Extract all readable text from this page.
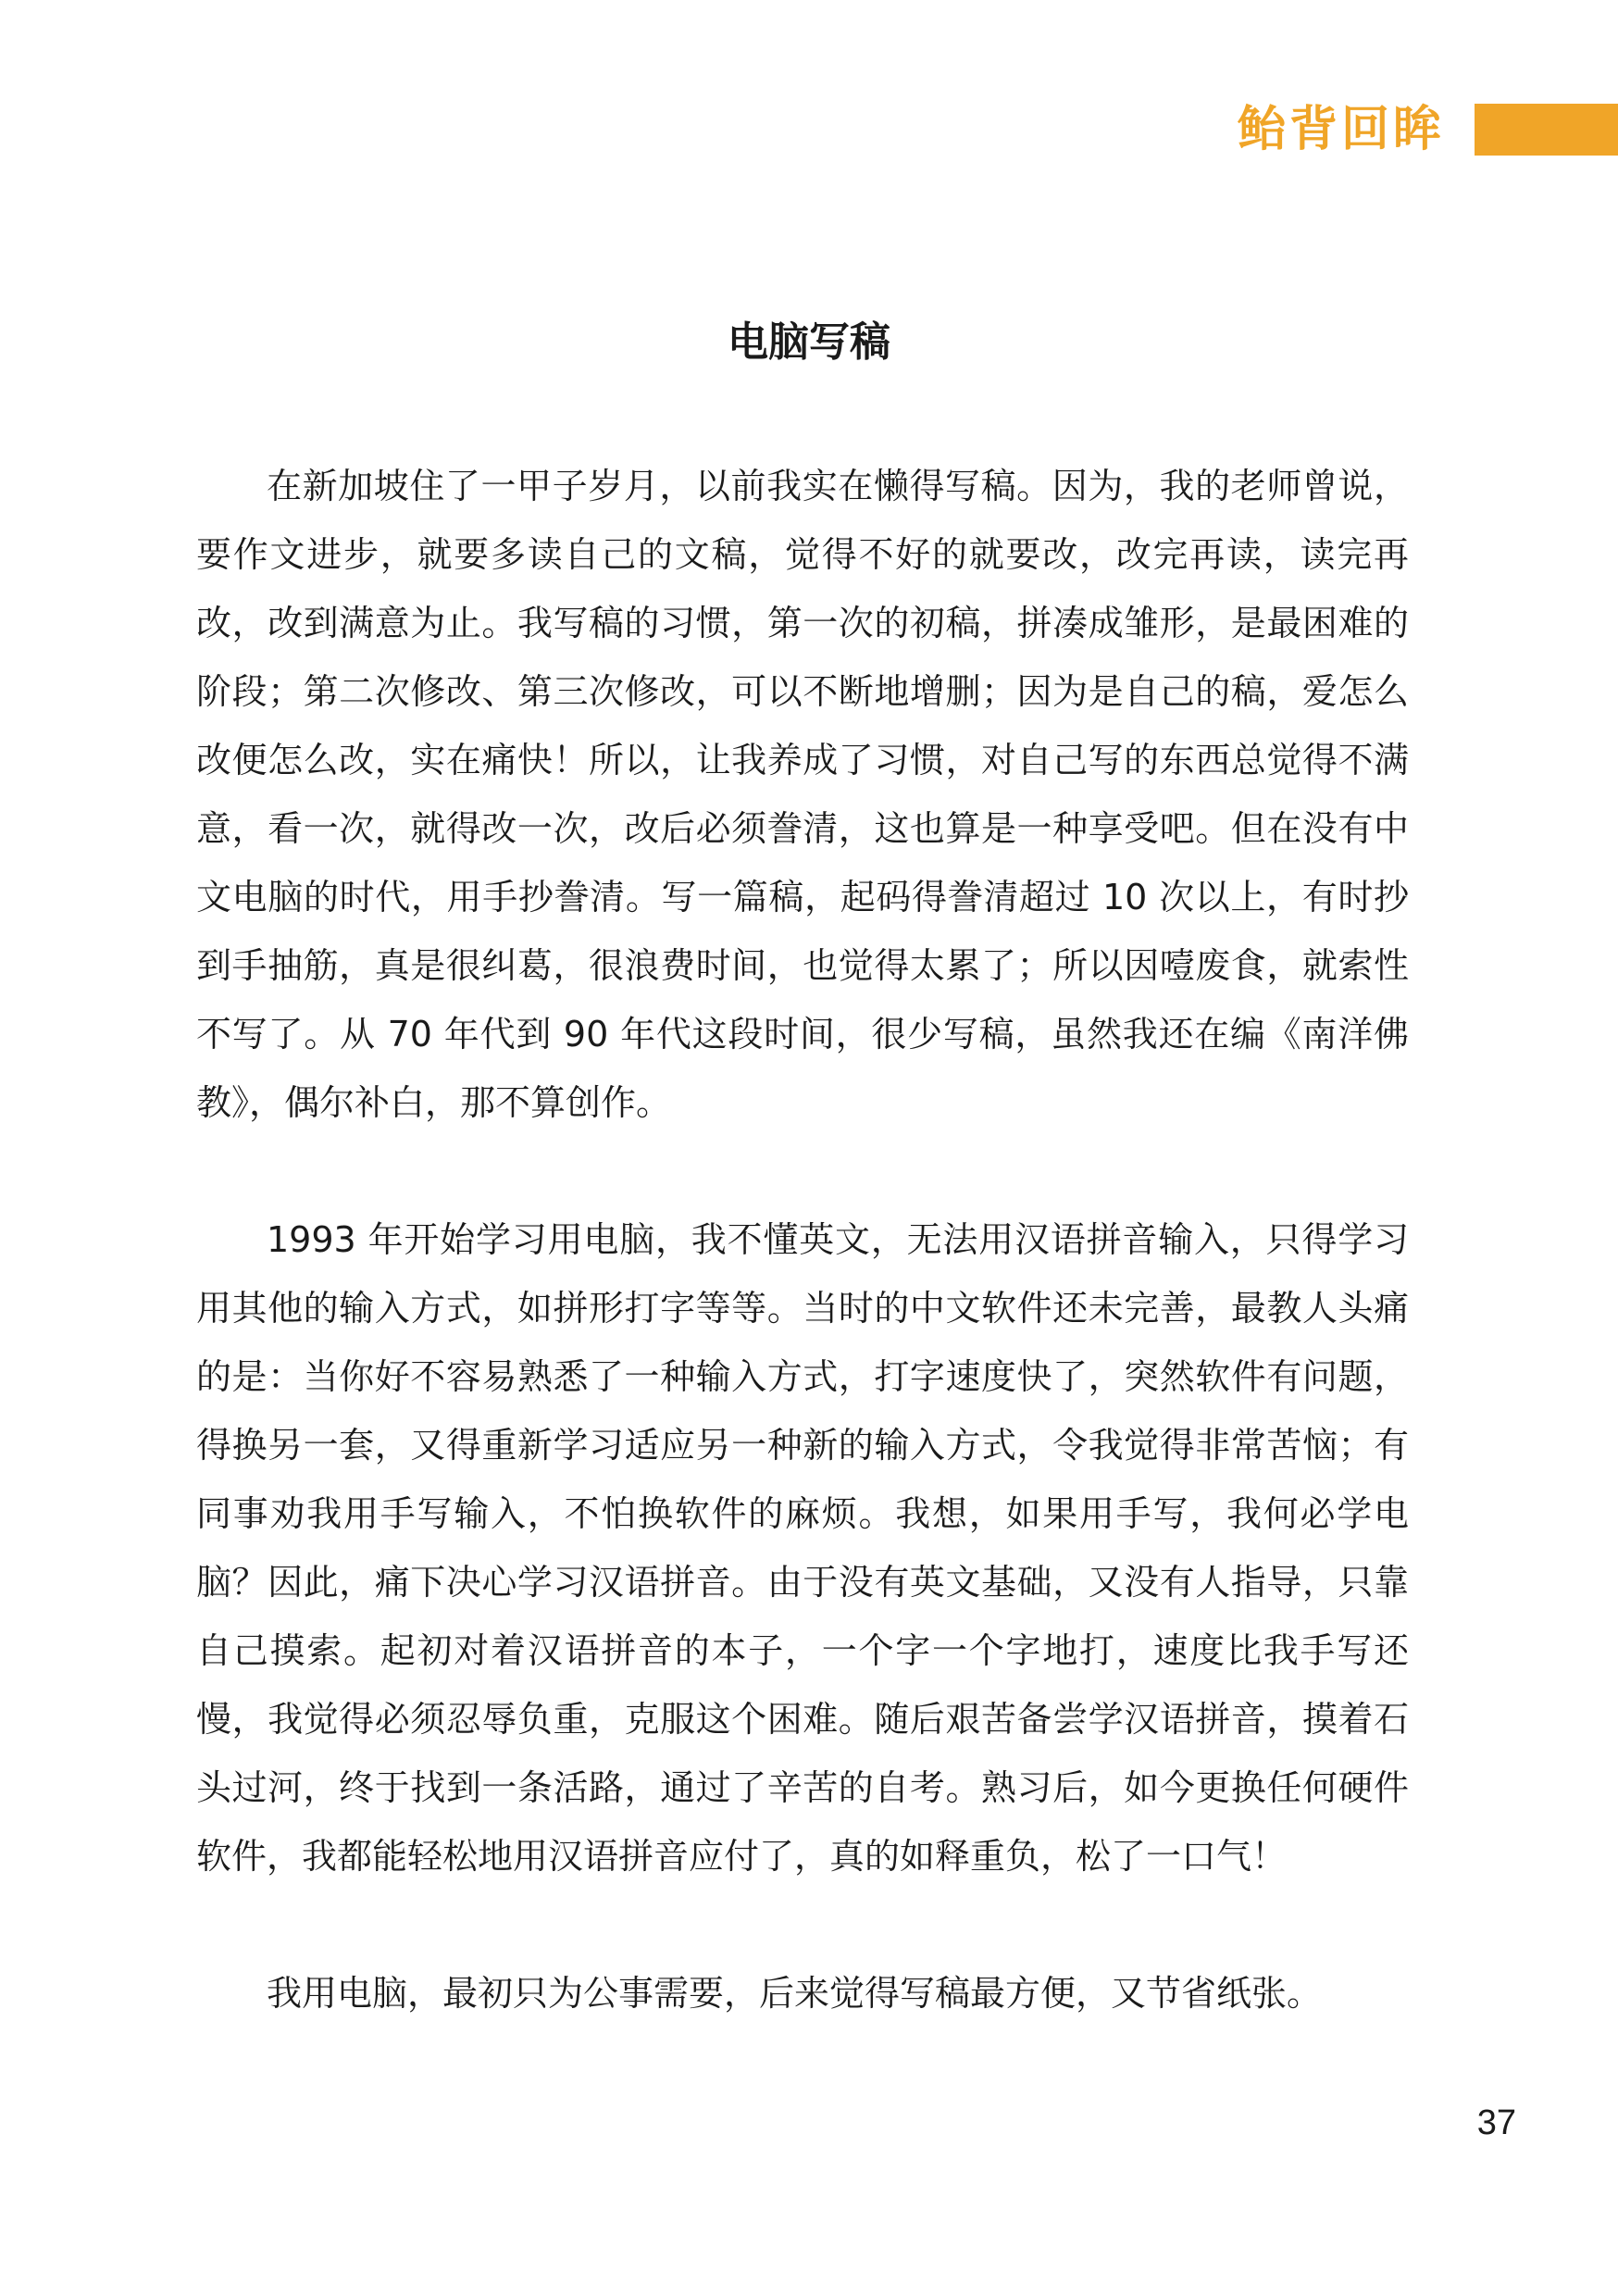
鲐背回眸
电脑写稿

在新加坡住了一甲子岁月，以前我实在懒得写稿。因为，我的老师曾说，要作文进步，就要多读自己的文稿，觉得不好的就要改，改完再读，读完再改，改到满意为止。我写稿的习惯，第一次的初稿，拼凑成雏形，是最困难的阶段；第二次修改、第三次修改，可以不断地增删；因为是自己的稿，爱怎么改便怎么改，实在痛快！所以，让我养成了习惯，对自己写的东西总觉得不满意，看一次，就得改一次，改后必须誊清，这也算是一种享受吧。但在没有中文电脑的时代，用手抄誊清。写一篇稿，起码得誊清超过 10 次以上，有时抄到手抽筋，真是很纠葛，很浪费时间，也觉得太累了；所以因噎废食，就索性不写了。从 70 年代到 90 年代这段时间，很少写稿，虽然我还在编《南洋佛教》，偶尔补白，那不算创作。

1993 年开始学习用电脑，我不懂英文，无法用汉语拼音输入，只得学习用其他的输入方式，如拼形打字等等。当时的中文软件还未完善，最教人头痛的是：当你好不容易熟悉了一种输入方式，打字速度快了，突然软件有问题，得换另一套，又得重新学习适应另一种新的输入方式，令我觉得非常苦恼；有同事劝我用手写输入，不怕换软件的麻烦。我想，如果用手写，我何必学电脑？因此，痛下决心学习汉语拼音。由于没有英文基础，又没有人指导，只靠自己摸索。起初对着汉语拼音的本子，一个字一个字地打，速度比我手写还慢，我觉得必须忍辱负重，克服这个困难。随后艰苦备尝学汉语拼音，摸着石头过河，终于找到一条活路，通过了辛苦的自考。熟习后，如今更换任何硬件软件，我都能轻松地用汉语拼音应付了，真的如释重负，松了一口气！

我用电脑，最初只为公事需要，后来觉得写稿最方便，又节省纸张。

37
